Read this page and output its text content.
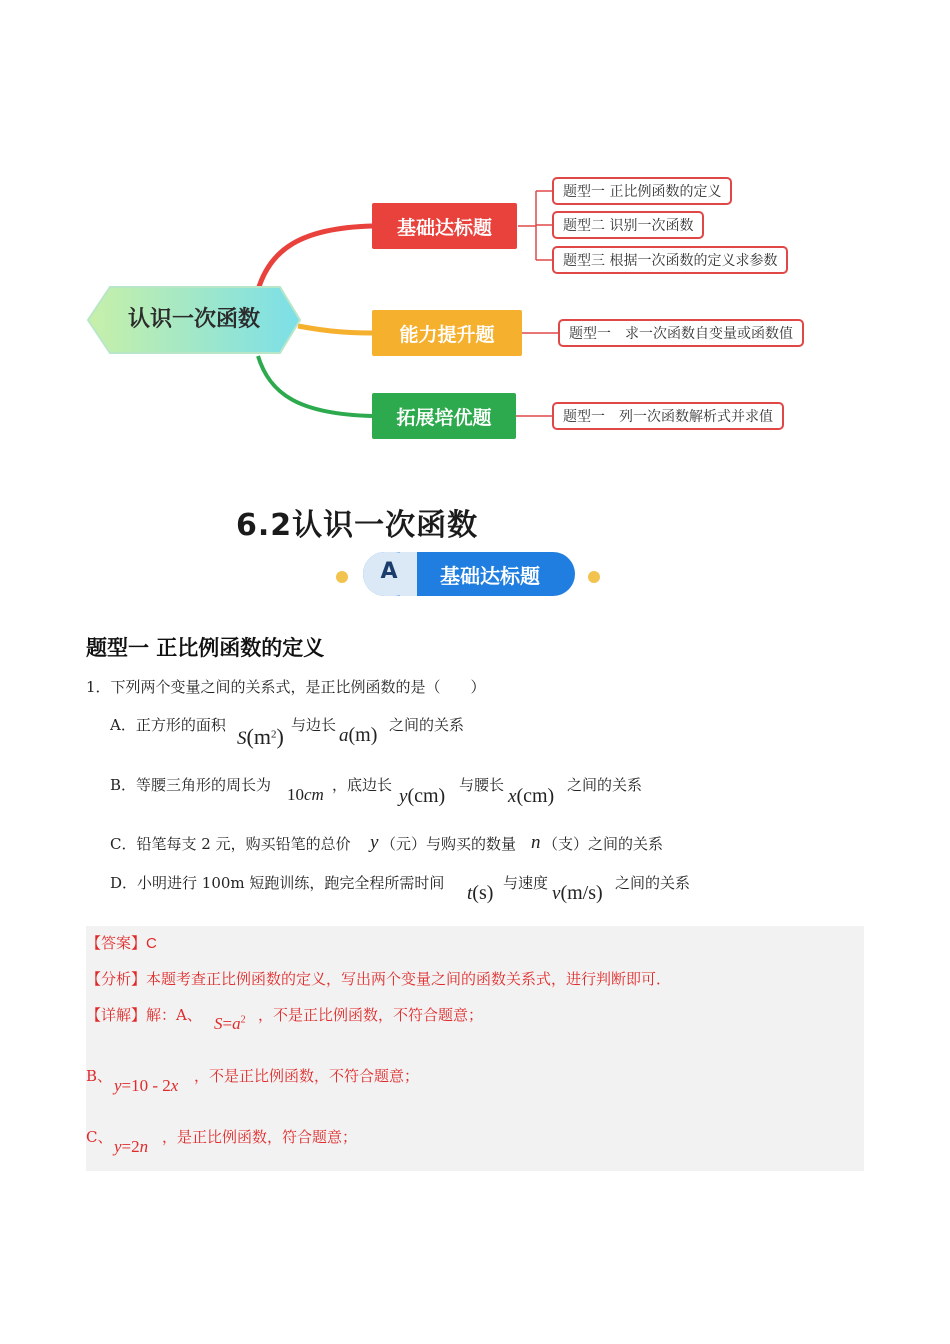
认识一次函数
基础达标题
能力提升题
拓展培优题
题型一 正比例函数的定义
题型二 识别一次函数
题型三 根据一次函数的定义求参数
题型一　求一次函数自变量或函数值
题型一　列一次函数解析式并求值
6.2认识一次函数
A	基础达标题
题型一 正比例函数的定义
1．下列两个变量之间的关系式，是正比例函数的是（　　）
A．正方形的面积
$S(m^2)$ 与边长 a(m) 之间的关系
B．等腰三角形的周长为 10cm ，底边长
y(cm) 与腰长
x(cm) 之间的关系
C．铅笔每支 2 元，购买铅笔的总价 y （元）与购买的数量 n （支）之间的关系
D．小明进行 100m 短跑训练，跑完全程所需时间 t(s) 与速度 v(m/s) 之间的关系
【答案】C
【分析】本题考查正比例函数的定义，写出两个变量之间的函数关系式，进行判断即可．
【详解】解：A、 $S=a^2$ ，不是正比例函数，不符合题意；
B、 y=10 - 2x ，不是正比例函数，不符合题意；
C、 y=2n ，是正比例函数，符合题意；
